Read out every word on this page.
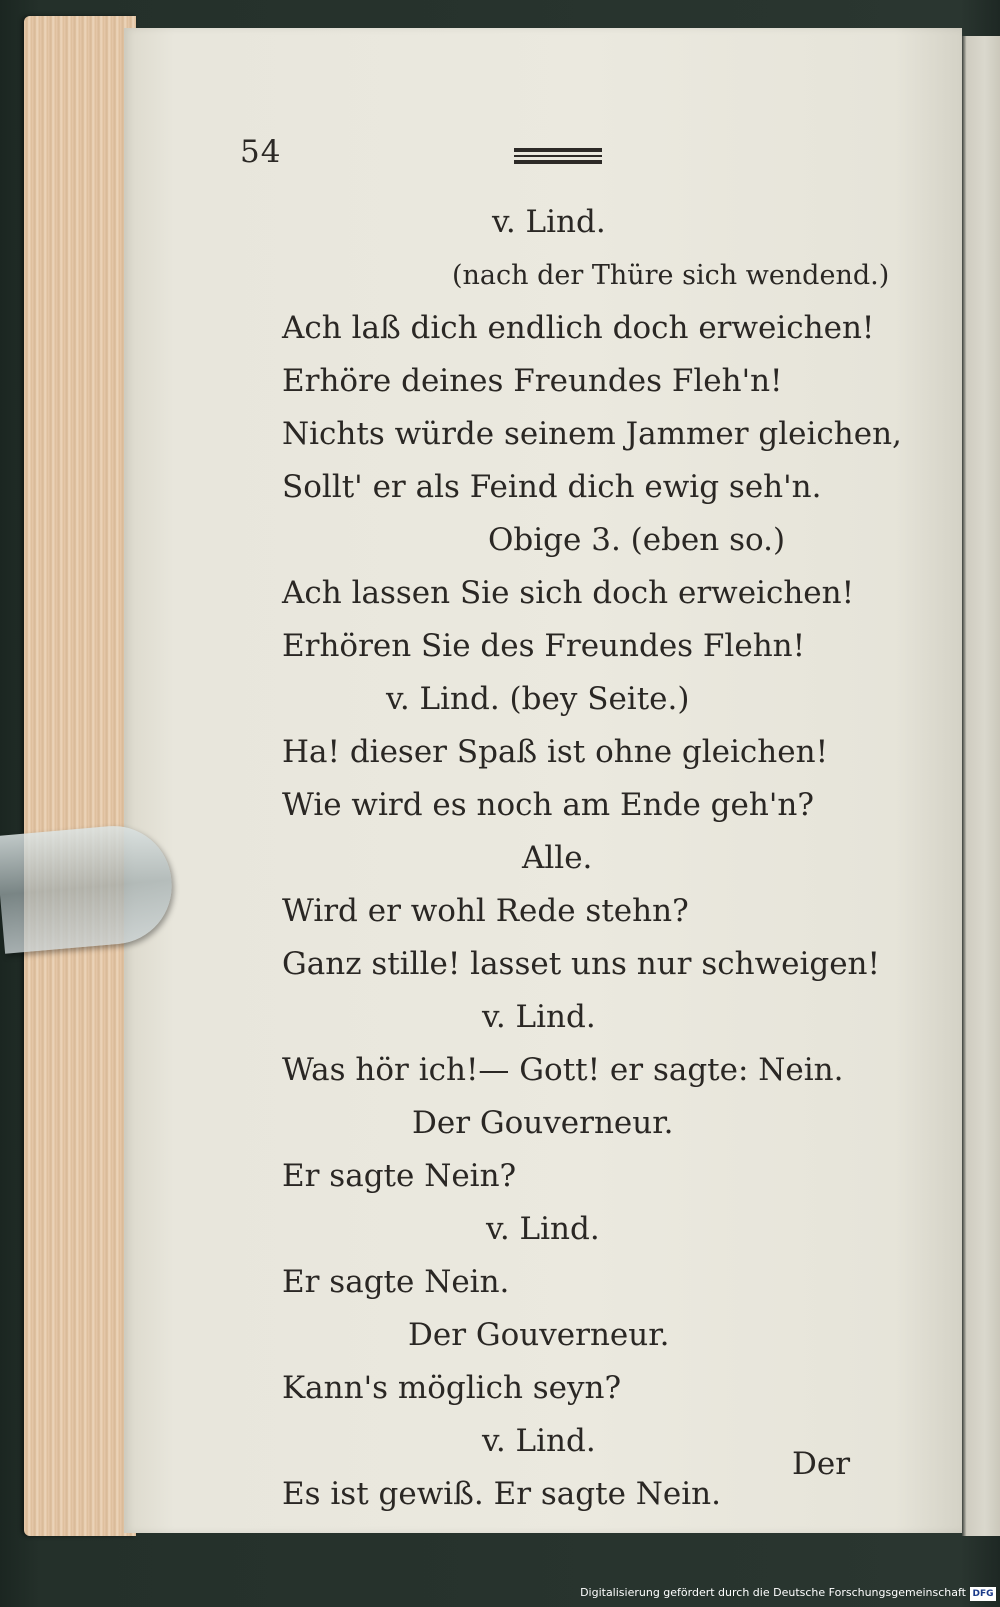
54
v. Lind.
(nach der Thüre sich wendend.)
Ach laß dich endlich doch erweichen!
Erhöre deines Freundes Fleh'n!
Nichts würde seinem Jammer gleichen,
Sollt' er als Feind dich ewig seh'n.
Obige 3. (eben so.)
Ach lassen Sie sich doch erweichen!
Erhören Sie des Freundes Flehn!
v. Lind. (bey Seite.)
Ha! dieser Spaß ist ohne gleichen!
Wie wird es noch am Ende geh'n?
Alle.
Wird er wohl Rede stehn?
Ganz stille! lasset uns nur schweigen!
v. Lind.
Was hör ich!— Gott! er sagte: Nein.
Der Gouverneur.
Er sagte Nein?
v. Lind.
Er sagte Nein.
Der Gouverneur.
Kann's möglich seyn?
v. Lind.
Es ist gewiß. Er sagte Nein.
Der
Digitalisierung gefördert durch die Deutsche Forschungsgemeinschaft DFG
